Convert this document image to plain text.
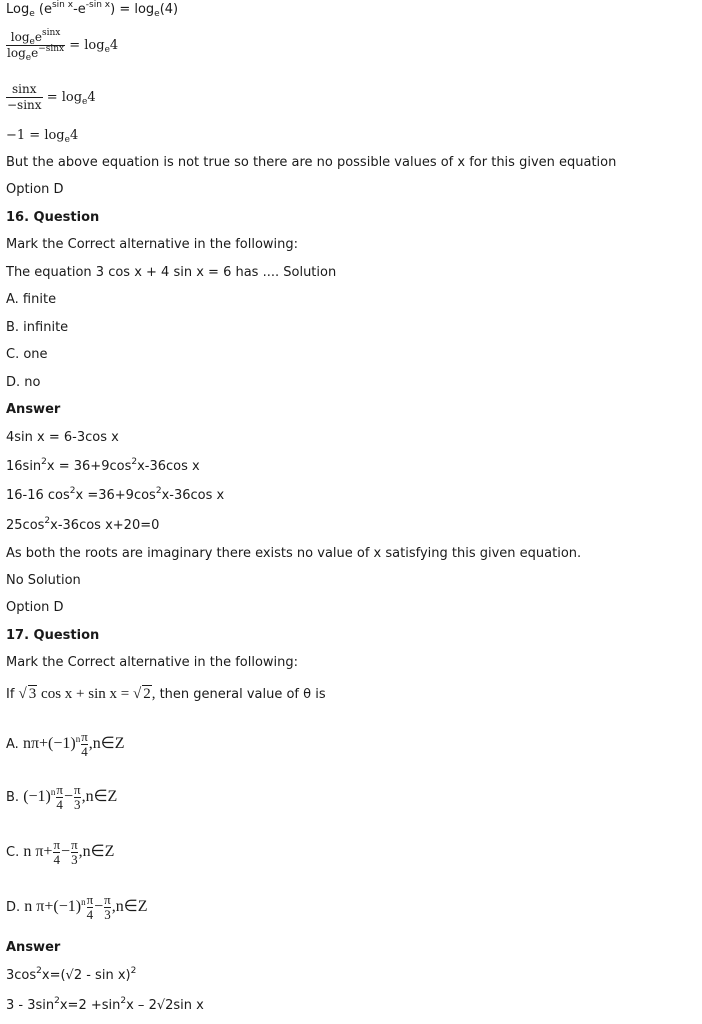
Log$_e$ $(e^{sin x}-e^{-sin x}) = \log_e(4)$
$\frac{\log_ee^{sinx}}{\log_ee^{-sinx}} = \log_e4$
$\frac{\sin x}{-\sin x} = \log_e4$
$-1 = \log_e4$
But the above equation is not true so there are no possible values of x for this given equation
Option D
16. Question
Mark the Correct alternative in the following:
The equation 3 cos x + 4 sin x = 6 has .... Solution
A. finite
B. infinite
C. one
D. no
Answer
4sin x = 6-3cos x
$16\sin^2x = 36+9\cos^2x-36\cos$ x
16-16 $\cos^2x =36+9\cos^2x-36\cos$ x
$25\cos^2x-36\cos$ x+20=0
As both the roots are imaginary there exists no value of x satisfying this given equation.
No Solution
Option D
17. Question
Mark the Correct alternative in the following:
If √ 3 cos x + sin x = √ 2, then general value of θ is
A. $n\pi+(-1)^n \frac{\pi}{4}$ ,n∈Z
B. $(-1)^n \frac{\pi}{4} - \frac{\pi}{3}$ ,n∈Z
C. n $\pi+ \frac{\pi}{4} - \frac{\pi}{3}$ ,n∈Z
D. n $\pi+(-1)^n \frac{\pi}{4} - \frac{\pi}{3}$ ,n∈Z
Answer
$3\cos^2x=(√2 - \sin x)^2$
$3 - 3\sin^2x=2 +\sin^2x - 2√2\sin$ x
